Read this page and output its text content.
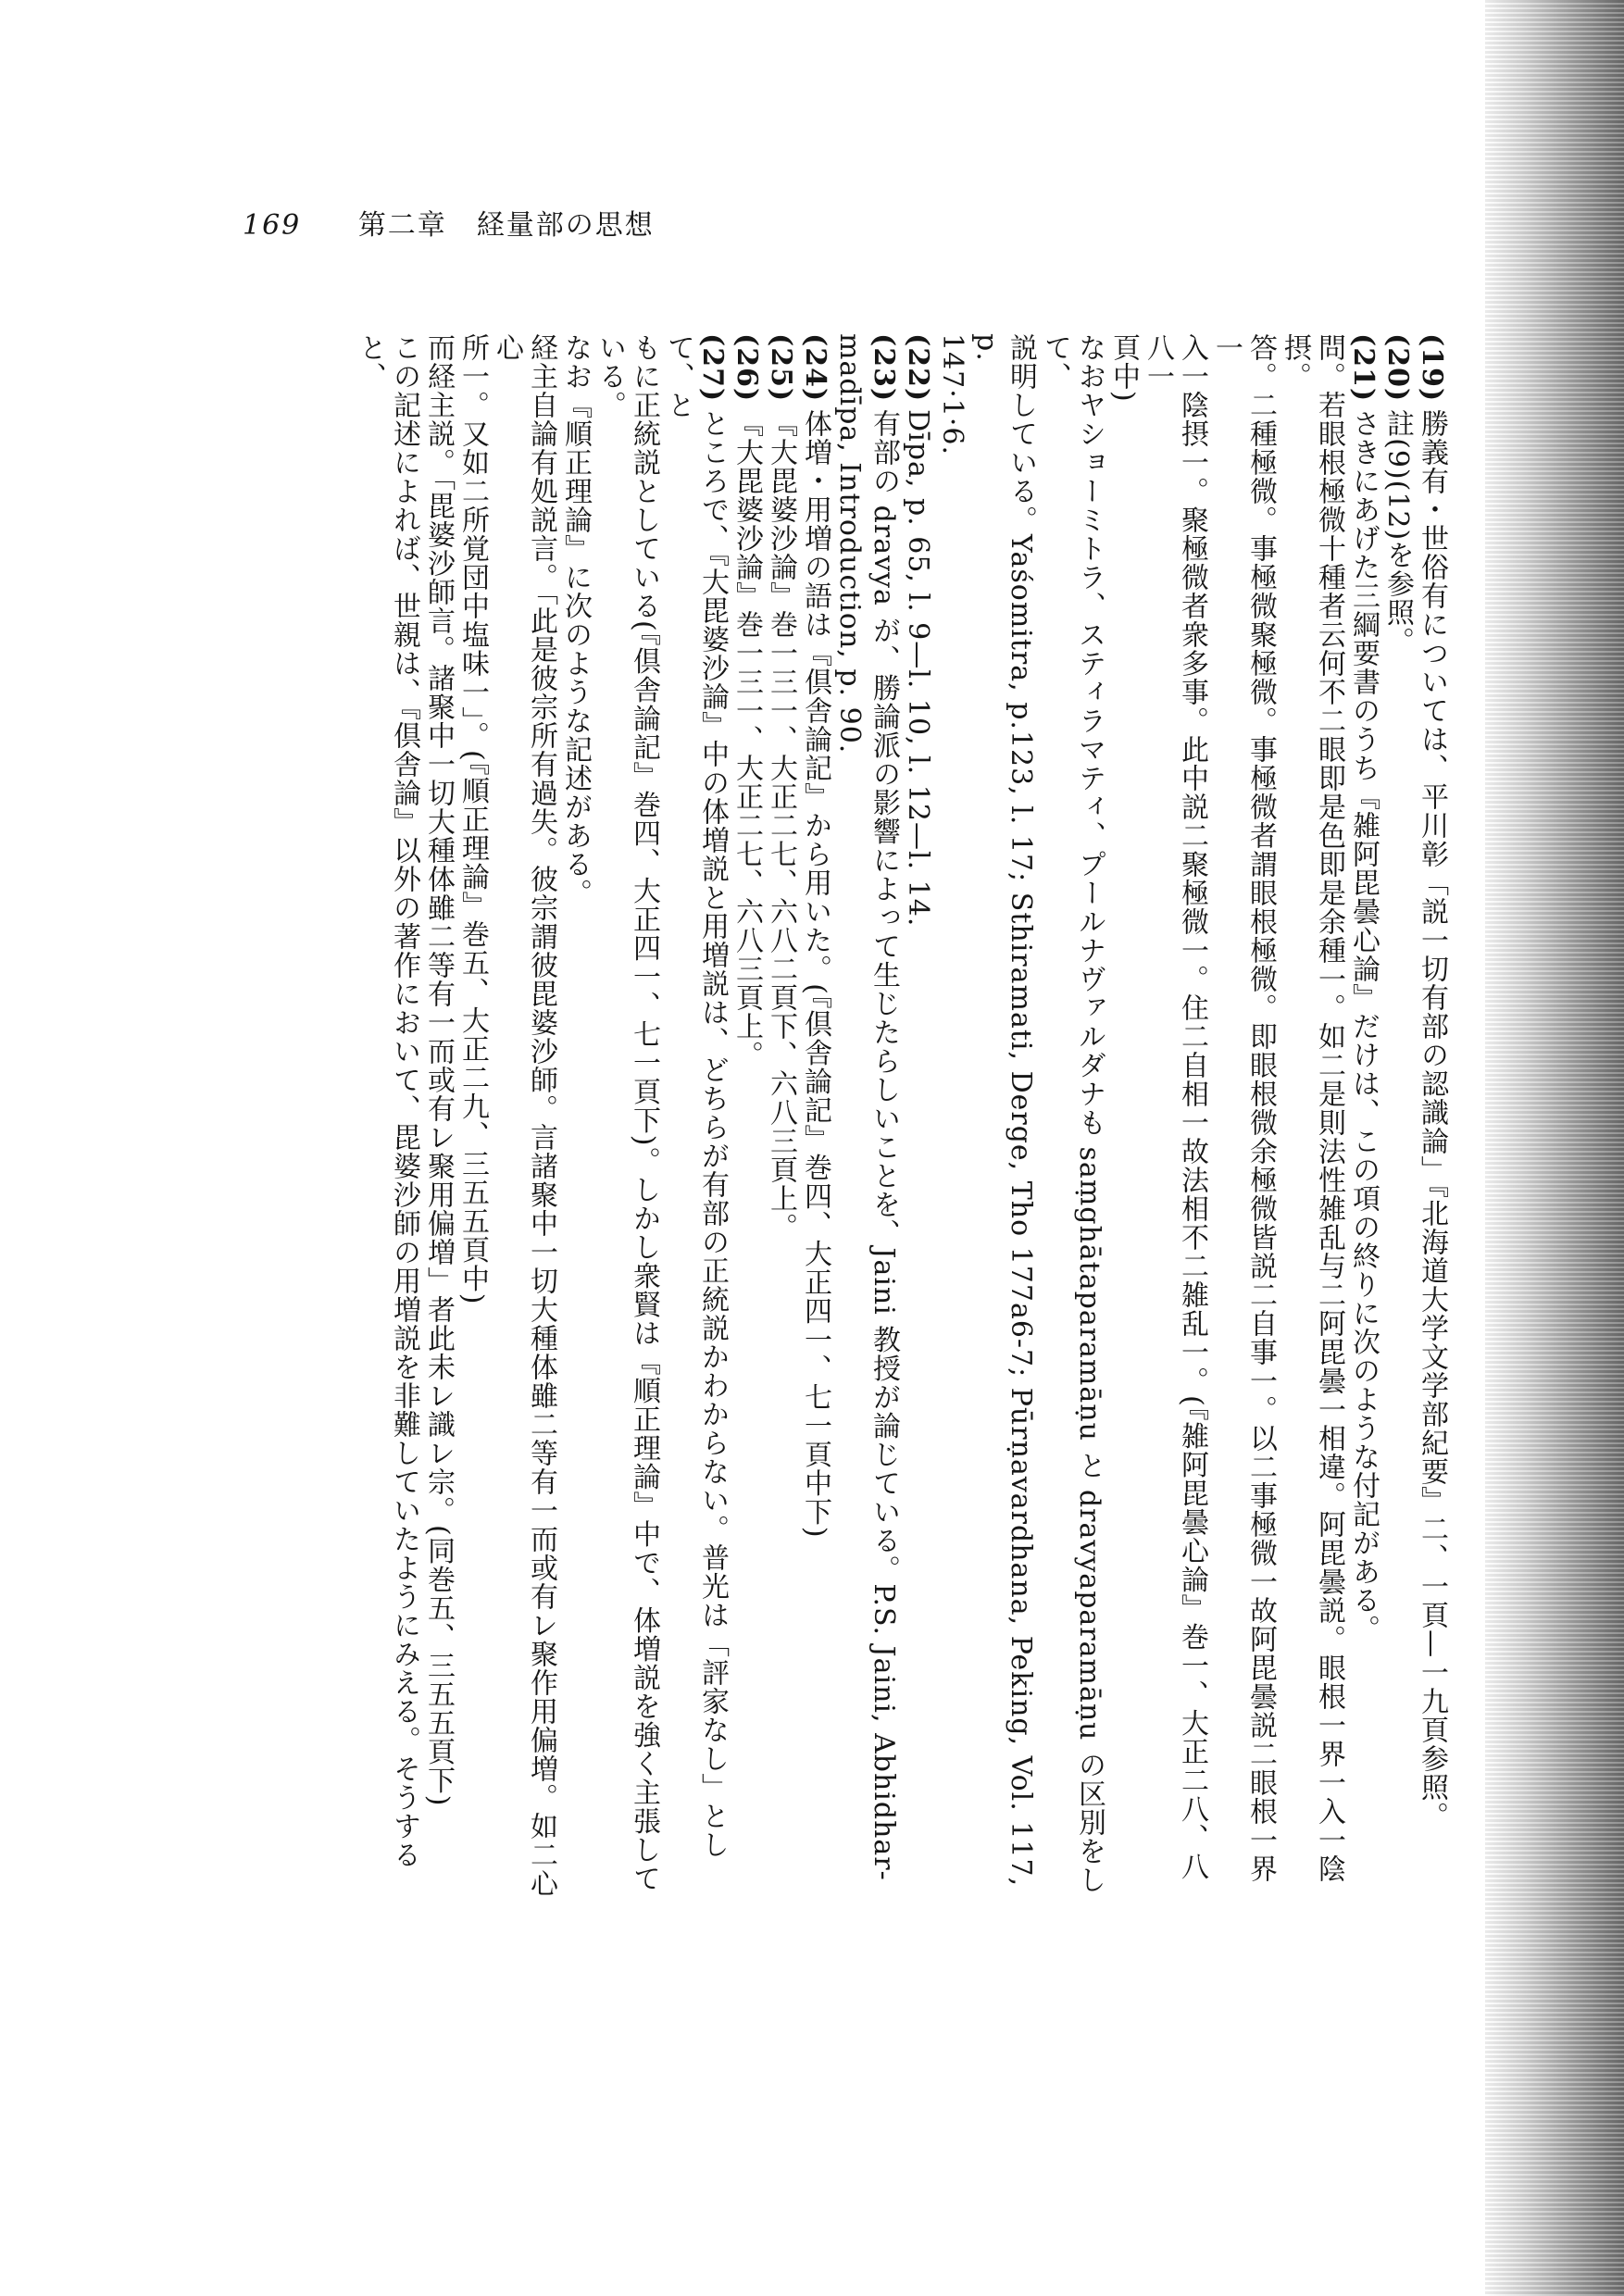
169 第二章　経量部の思想

(19)勝義有・世俗有については、平川彰「説一切有部の認識論」『北海道大学文学部紀要』二、一頁—一九頁参照。

(20)註(9)(12)を参照。

(21)さきにあげた三綱要書のうち『雑阿毘曇心論』だけは、この項の終りに次のような付記がある。

問。若眼根極微十種者云何不二眼即是色即是余種一。如二是則法性雑乱与二阿毘曇一相違。阿毘曇説。眼根一界一入一陰摂。

答。二種極微。事極微聚極微。事極微者謂眼根極微。即眼根微余極微皆説二自事一。以二事極微一故阿毘曇説二眼根一界一

入一陰摂一。聚極微者衆多事。此中説二聚極微一。住二自相一故法相不二雑乱一。(『雑阿毘曇心論』巻一、大正二八、八八一

頁中)

なおヤショーミトラ、スティラマティ、プールナヴァルダナも saṃghātaparamāṇu と dravyaparamāṇu の区別をして、

説明している。Yaśomitra, p.123, l. 17; Sthiramati, Derge, Tho 177a6-7; Pūrṇavardhana, Peking, Vol. 117, p.

147·1·6.

(22)Dīpa, p. 65, l. 9—l. 10, l. 12—l. 14.

(23)有部の dravya が、勝論派の影響によって生じたらしいことを、Jaini 教授が論じている。P.S. Jaini, Abhidhar-

madīpa, Introduction, p. 90.

(24)体増・用増の語は『倶舎論記』から用いた。(『倶舎論記』巻四、大正四一、七一頁中下)

(25)『大毘婆沙論』巻一三一、大正二七、六八二頁下、六八三頁上。

(26)『大毘婆沙論』巻一三一、大正二七、六八三頁上。

(27)ところで、『大毘婆沙論』中の体増説と用増説は、どちらが有部の正統説かわからない。普光は「評家なし」として、と

もに正統説としている(『倶舎論記』巻四、大正四一、七一頁下)。しかし衆賢は『順正理論』中で、体増説を強く主張して

いる。

なお『順正理論』に次のような記述がある。

経主自論有処説言。「此是彼宗所有過失。彼宗謂彼毘婆沙師。言諸聚中一切大種体雖二等有一而或有レ聚作用偏増。如二心心

所一。又如二所覚団中塩味一」。(『順正理論』巻五、大正二九、三五五頁中)

而経主説。「毘婆沙師言。諸聚中一切大種体雖二等有一而或有レ聚用偏増」者此未レ識レ宗。(同巻五、三五五頁下)

この記述によれば、世親は、『倶舎論』以外の著作において、毘婆沙師の用増説を非難していたようにみえる。そうすると、
